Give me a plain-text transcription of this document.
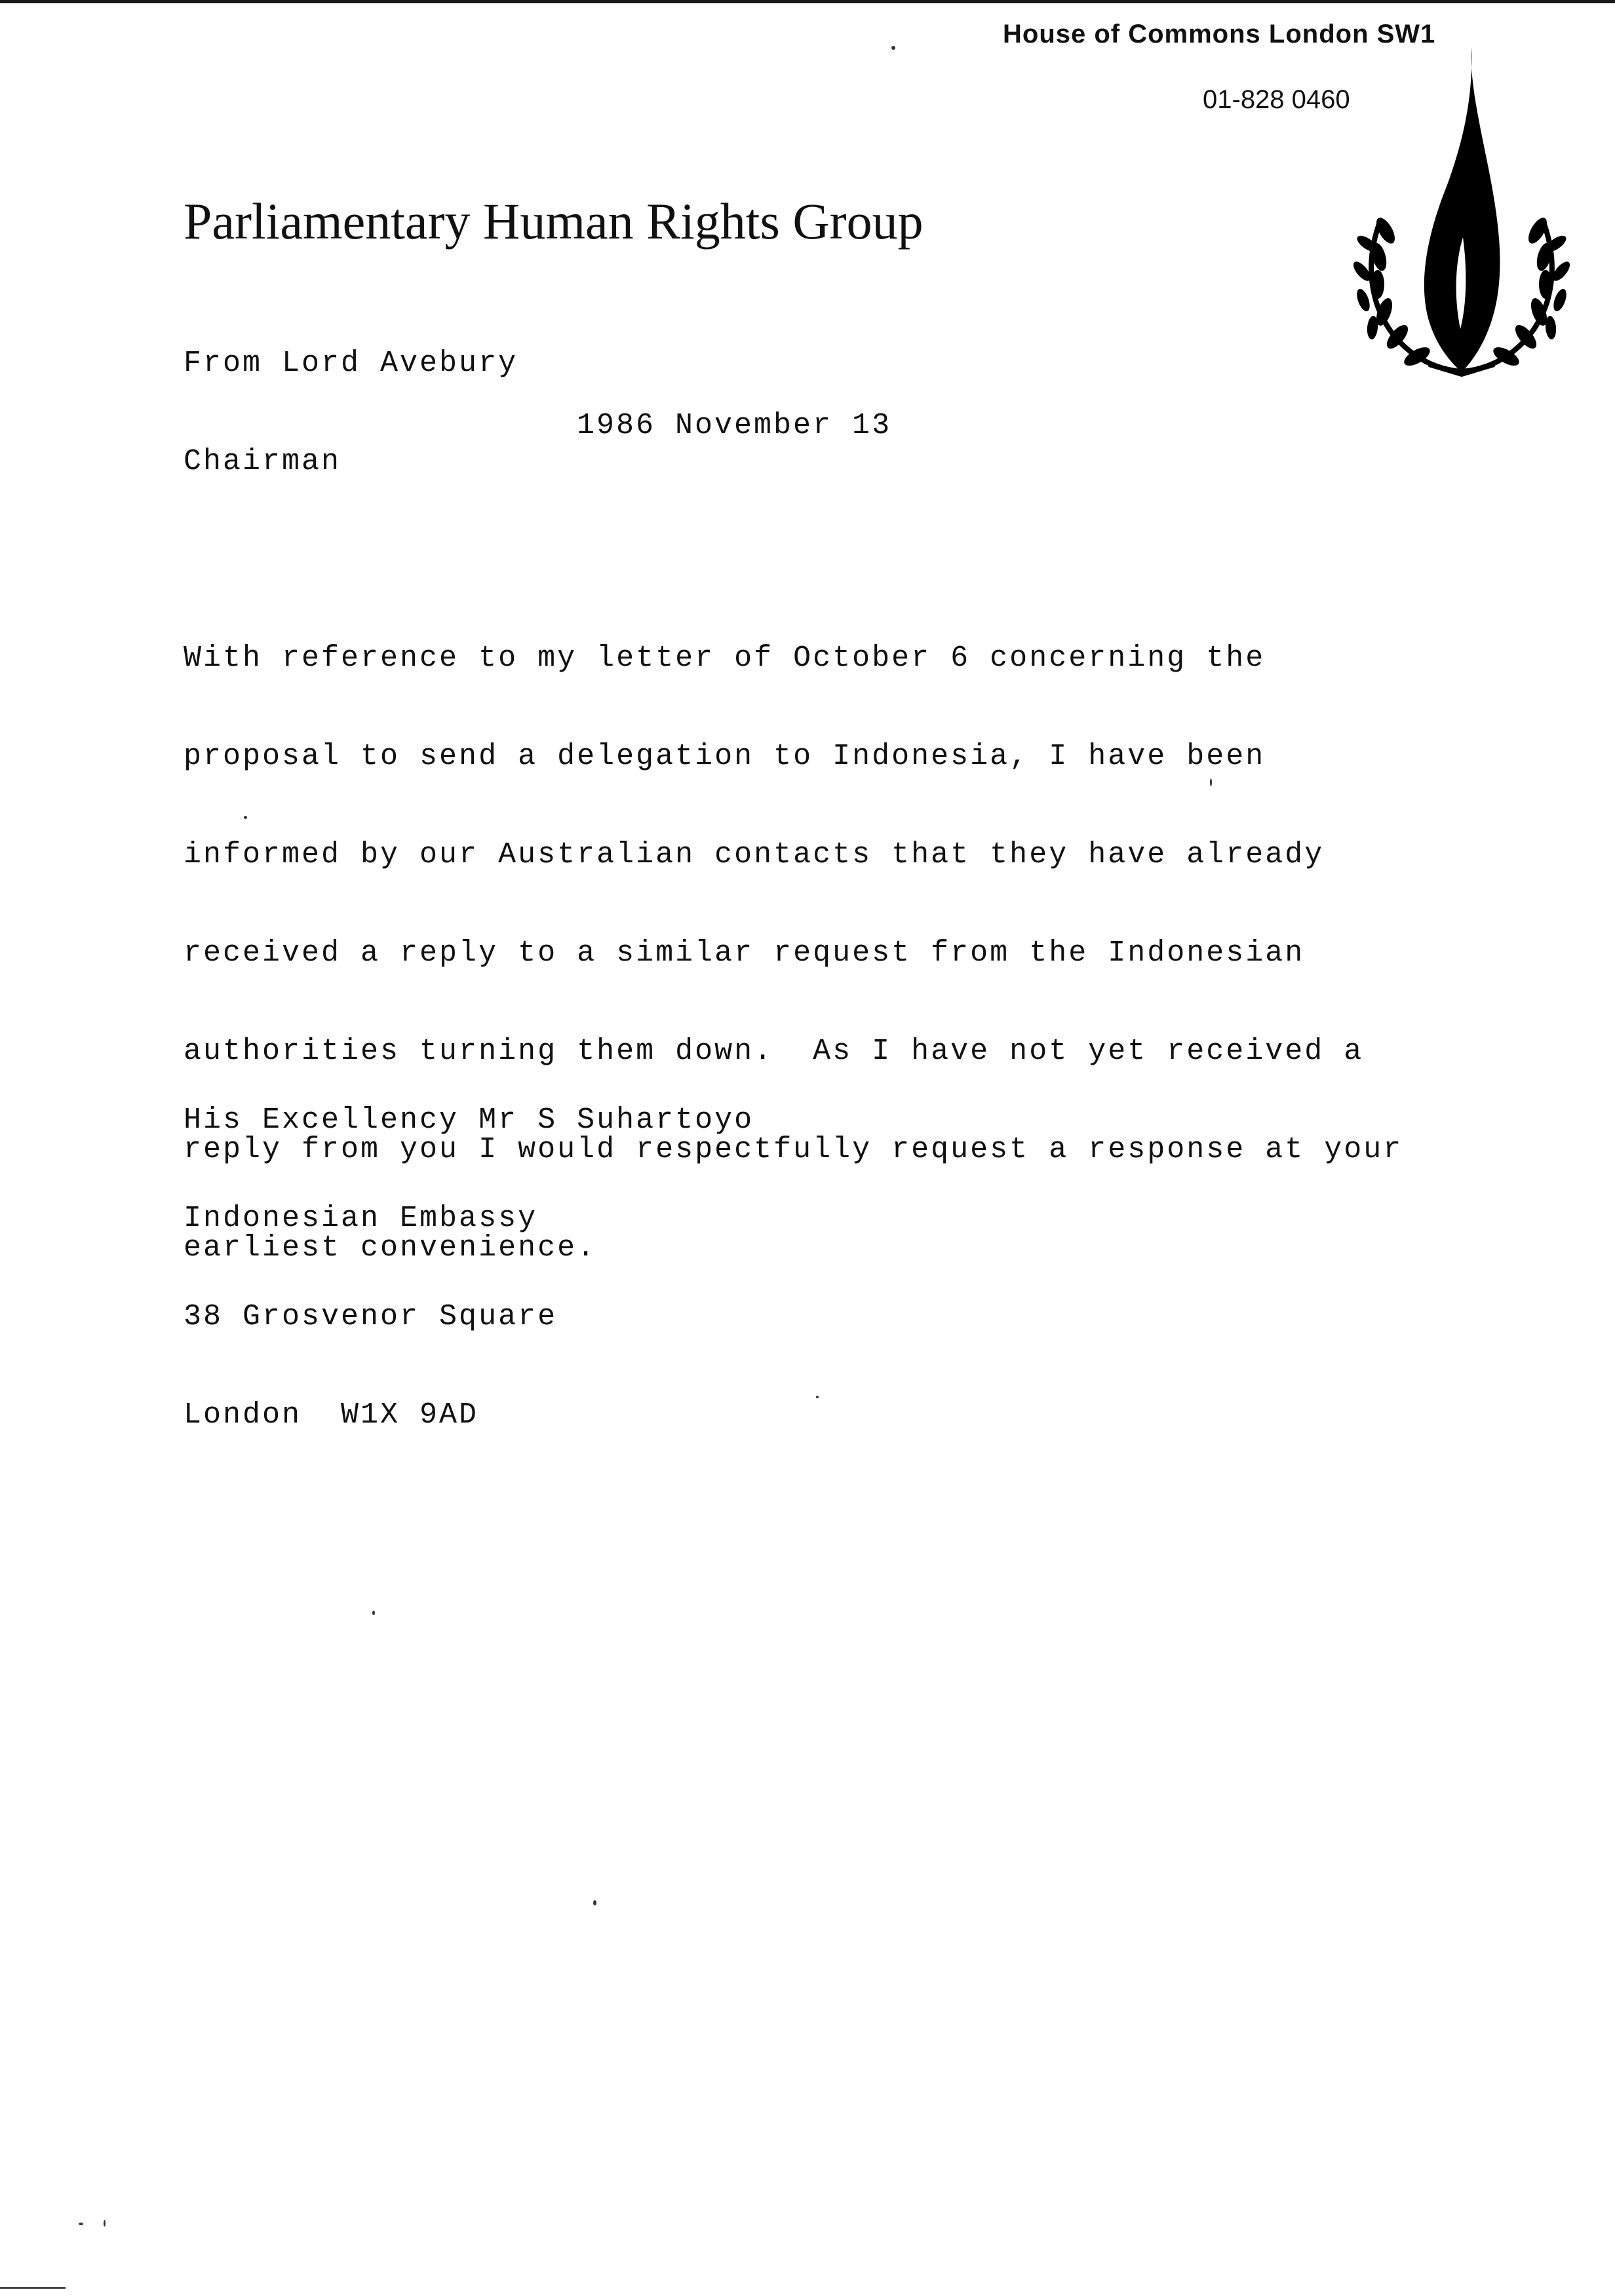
House of Commons London SW1
01-828 0460
Parliamentary Human Rights Group

From Lord Avebury

Chairman

1986 November 13

With reference to my letter of October 6 concerning the

proposal to send a delegation to Indonesia, I have been

informed by our Australian contacts that they have already

received a reply to a similar request from the Indonesian

authorities turning them down.  As I have not yet received a

reply from you I would respectfully request a response at your

earliest convenience.

His Excellency Mr S Suhartoyo

Indonesian Embassy

38 Grosvenor Square

London  W1X 9AD
